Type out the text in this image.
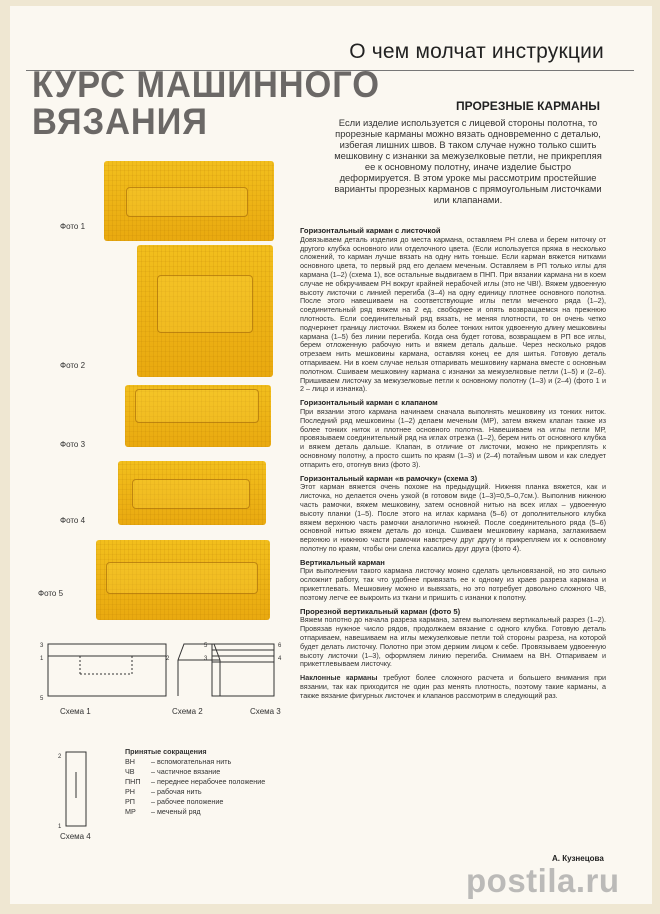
О чем молчат инструкции
КУРС МАШИННОГО
ВЯЗАНИЯ	ПРОРЕЗНЫЕ КАРМАНЫ
Если изделие используется с лицевой стороны полотна, то прорезные карманы можно вязать одновременно с деталью, избегая лишних швов. В таком случае нужно только сшить мешковину с изнанки за межузелковые петли, не прикрепляя ее к основному полотну, иначе изделие быстро деформируется. В этом уроке мы рассмотрим простейшие варианты прорезных карманов с прямоугольным листочками или клапанами.
Фото 1
Фото 2
Фото 3
Фото 4
Фото 5
3
1
5
2
Схема 1	Схема 2
5
3
6
4
Схема 3
2
1
Схема 4
Принятые сокращения
ВН	– вспомогательная нить
ЧВ	– частичное вязание
ПНП	– переднее нерабочее положение
РН	– рабочая нить
РП	– рабочее положение
МР	– меченый ряд
Горизонтальный карман с листочкой

Довязываем деталь изделия до места кармана, оставляем РН слева и берем ниточку от другого клубка основного или отделочного цвета. (Если используется пряжа в несколько сложений, то карман лучше вязать на одну нить тоньше. Если карман вяжется нитками основного цвета, то первый ряд его делаем меченым. Оставляем в РП только иглы для кармана (1–2) (схема 1), все остальные выдвигаем в ПНП. При вязании кармана ни в коем случае не обкручиваем РН вокруг крайней нерабочей иглы (это не ЧВ!). Вяжем удвоенную высоту листочки с линией перегиба (3–4) на одну единицу плотнее основного полотна. После этого навешиваем на соответствующие иглы петли меченого ряда (1–2), соединительный ряд вяжем на 2 ед. свободнее и опять возвращаемся на прежнюю плотность. Если соединительный ряд вязать, не меняя плотности, то он очень четко подчеркнет границу листочки. Вяжем из более тонких ниток удвоенную длину мешковины кармана (1–5) без линии перегиба. Когда она будет готова, возвращаем в РП все иглы, берем отложенную рабочую нить и вяжем деталь дальше. Через несколько рядов отрезаем нить мешковины кармана, оставляя конец ее для шитья. Готовую деталь отпариваем. Ни в коем случае нельзя отпаривать мешковину кармана вместе с основным полотном. Сшиваем мешковину кармана с изнанки за межузелковые петли (1–5) и (2–6). Пришиваем листочку за межузелковые петли к основному полотну (1–3) и (2–4) (фото 1 и 2 – лицо и изнанка).

Горизонтальный карман с клапаном

При вязании этого кармана начинаем сначала выполнять мешковину из тонких ниток. Последний ряд мешковины (1–2) делаем меченым (МР), затем вяжем клапан также из более тонких ниток и плотнее основного полотна. Навешиваем на иглы петли МР, провязываем соединительный ряд на иглах отрезка (1–2), берем нить от основного клубка и вяжем деталь дальше. Клапан, в отличие от листочки, можно не прикреплять к основному полотну, а просто сшить по краям (1–3) и (2–4) потайным швом и как следует отпарить его, отогнув вниз (фото 3).

Горизонтальный карман «в рамочку» (схема 3)

Этот карман вяжется очень похоже на предыдущий. Нижняя планка вяжется, как и листочка, но делается очень узкой (в готовом виде (1–3)=0,5–0,7см.). Выполнив нижнюю часть рамочки, вяжем мешковину, затем основной нитью на всех иглах – удвоенную высоту планки (1–5). После этого на иглах кармана (5–6) от дополнительного клубка вяжем верхнюю часть рамочки аналогично нижней. После соединительного ряда (5–6) основной нитью вяжем деталь до конца. Сшиваем мешковину кармана, заглаживаем верхнюю и нижнюю части рамочки навстречу друг другу и прикрепляем их к основному полотну по краям, чтобы они слегка касались друг друга (фото 4).

Вертикальный карман

При выполнении такого кармана листочку можно сделать цельновязаной, но это сильно осложнит работу, так что удобнее привязать ее к одному из краев разреза кармана и прикеттлевать. Мешковину можно и вывязать, но это потребует довольно сложного ЧВ, поэтому легче ее выкроить из ткани и пришить с изнанки к полотну.

Прорезной вертикальный карман (фото 5)

Вяжем полотно до начала разреза кармана, затем выполняем вертикальный разрез (1–2). Провязав нужное число рядов, продолжаем вязание с одного клубка. Готовую деталь отпариваем, навешиваем на иглы межузелковые петли той стороны разреза, на которой будет делать листочку. Полотно при этом держим лицом к себе. Провязываем удвоенную высоту листочки (1–3), оформляем линию перегиба. Снимаем на ВН. Отпариваем и прикеттлевываем листочку.

Наклонные карманы требуют более сложного расчета и большего внимания при вязании, так как приходится не один раз менять плотность, поэтому такие карманы, а также вязание фигурных листочек и клапанов рассмотрим в следующий раз.

А. Кузнецова
postila.ru
